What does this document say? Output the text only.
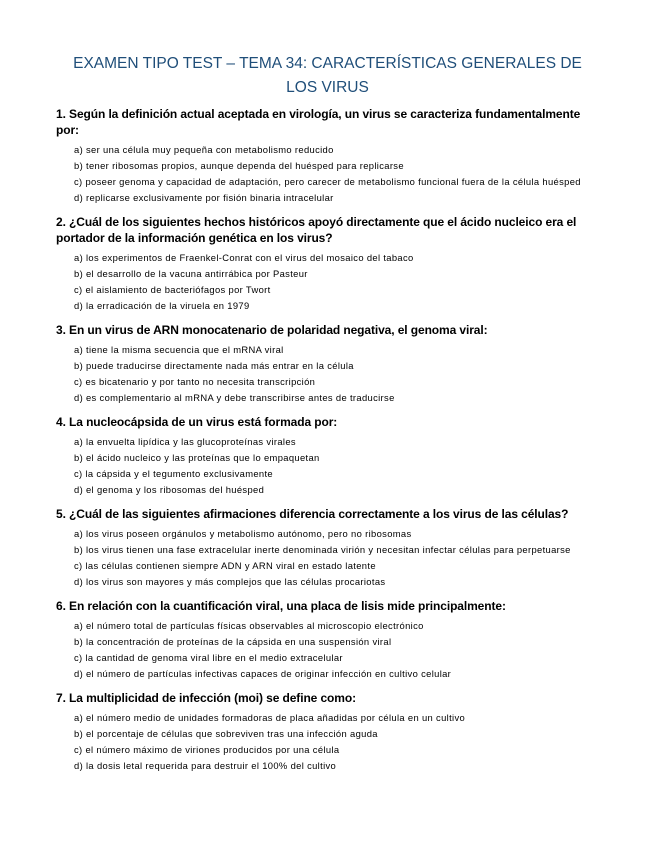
EXAMEN TIPO TEST – TEMA 34: CARACTERÍSTICAS GENERALES DE
LOS VIRUS
1. Según la definición actual aceptada en virología, un virus se caracteriza fundamentalmente por:
a) ser una célula muy pequeña con metabolismo reducido
b) tener ribosomas propios, aunque dependa del huésped para replicarse
c) poseer genoma y capacidad de adaptación, pero carecer de metabolismo funcional fuera de la célula huésped
d) replicarse exclusivamente por fisión binaria intracelular
2. ¿Cuál de los siguientes hechos históricos apoyó directamente que el ácido nucleico era el portador de la información genética en los virus?
a) los experimentos de Fraenkel-Conrat con el virus del mosaico del tabaco
b) el desarrollo de la vacuna antirrábica por Pasteur
c) el aislamiento de bacteriófagos por Twort
d) la erradicación de la viruela en 1979
3. En un virus de ARN monocatenario de polaridad negativa, el genoma viral:
a) tiene la misma secuencia que el mRNA viral
b) puede traducirse directamente nada más entrar en la célula
c) es bicatenario y por tanto no necesita transcripción
d) es complementario al mRNA y debe transcribirse antes de traducirse
4. La nucleocápsida de un virus está formada por:
a) la envuelta lipídica y las glucoproteínas virales
b) el ácido nucleico y las proteínas que lo empaquetan
c) la cápsida y el tegumento exclusivamente
d) el genoma y los ribosomas del huésped
5. ¿Cuál de las siguientes afirmaciones diferencia correctamente a los virus de las células?
a) los virus poseen orgánulos y metabolismo autónomo, pero no ribosomas
b) los virus tienen una fase extracelular inerte denominada virión y necesitan infectar células para perpetuarse
c) las células contienen siempre ADN y ARN viral en estado latente
d) los virus son mayores y más complejos que las células procariotas
6. En relación con la cuantificación viral, una placa de lisis mide principalmente:
a) el número total de partículas físicas observables al microscopio electrónico
b) la concentración de proteínas de la cápsida en una suspensión viral
c) la cantidad de genoma viral libre en el medio extracelular
d) el número de partículas infectivas capaces de originar infección en cultivo celular
7. La multiplicidad de infección (moi) se define como:
a) el número medio de unidades formadoras de placa añadidas por célula en un cultivo
b) el porcentaje de células que sobreviven tras una infección aguda
c) el número máximo de viriones producidos por una célula
d) la dosis letal requerida para destruir el 100% del cultivo
